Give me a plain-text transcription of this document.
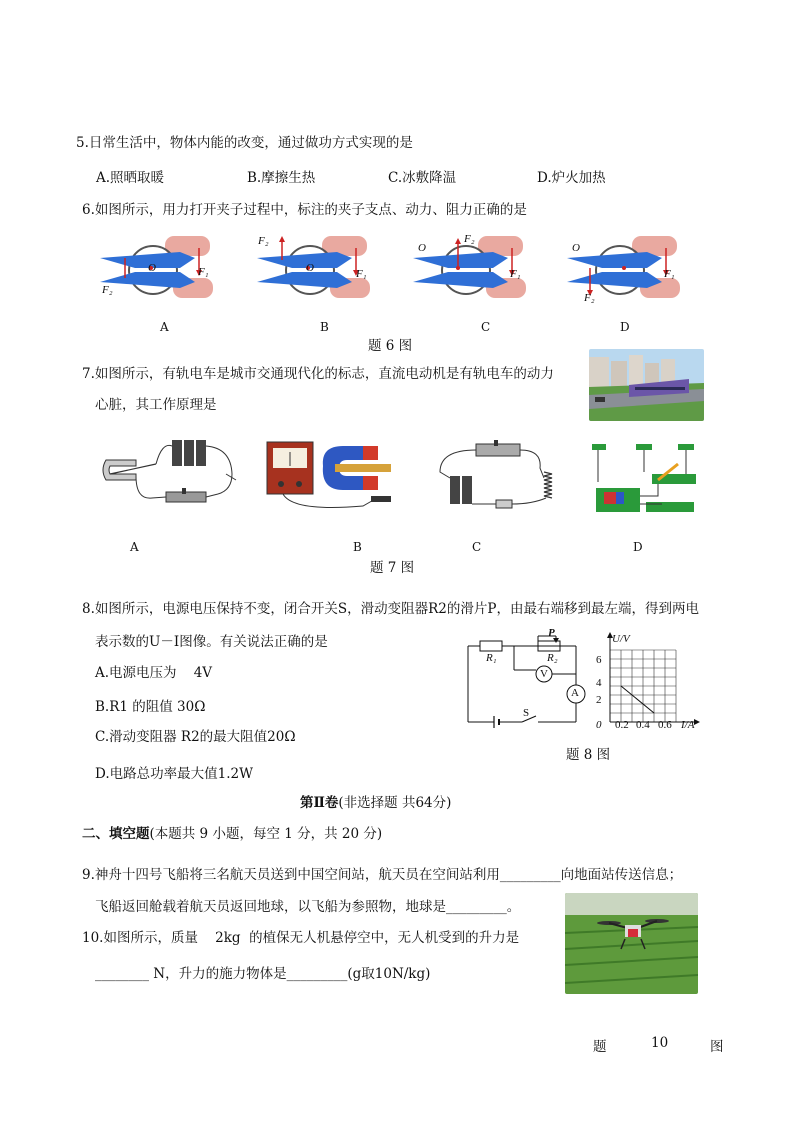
5.日常生活中，物体内能的改变，通过做功方式实现的是
A.照晒取暖	B.摩擦生热	C.冰敷降温	D.炉火加热
6.如图所示，用力打开夹子过程中，标注的夹子支点、动力、阻力正确的是
O	F₁
F₂
F₂
O	F₁
O
F₂
F₁
O
F₁
F₂
A	B	C	D
题 6 图
7.如图所示，有轨电车是城市交通现代化的标志，直流电动机是有轨电车的动力
心脏，其工作原理是
A	B	C	D
题 7 图
8.如图所示，电源电压保持不变，闭合开关S，滑动变阻器R2的滑片P，由最右端移到最左端，得到两电
表示数的U－I图像。有关说法正确的是
A.电源电压为    4V
B.R1 的阻值 30Ω
C.滑动变阻器 R2的最大阻值20Ω
D.电路总功率最大值1.2W
R₁
P
R₂
V
A
S
U/V
6
4
2
0 0.2 0.4 0.6 I/A
题 8 图
第Ⅱ卷(非选择题 共64分)
二、填空题(本题共 9 小题，每空 1 分，共 20 分)
9.神舟十四号飞船将三名航天员送到中国空间站，航天员在空间站利用_________向地面站传送信息；
飞船返回舱载着航天员返回地球，以飞船为参照物，地球是_________。
10.如图所示，质量    2kg  的植保无人机悬停空中，无人机受到的升力是
________ N，升力的施力物体是_________(g取10N/kg)
题	10	图
